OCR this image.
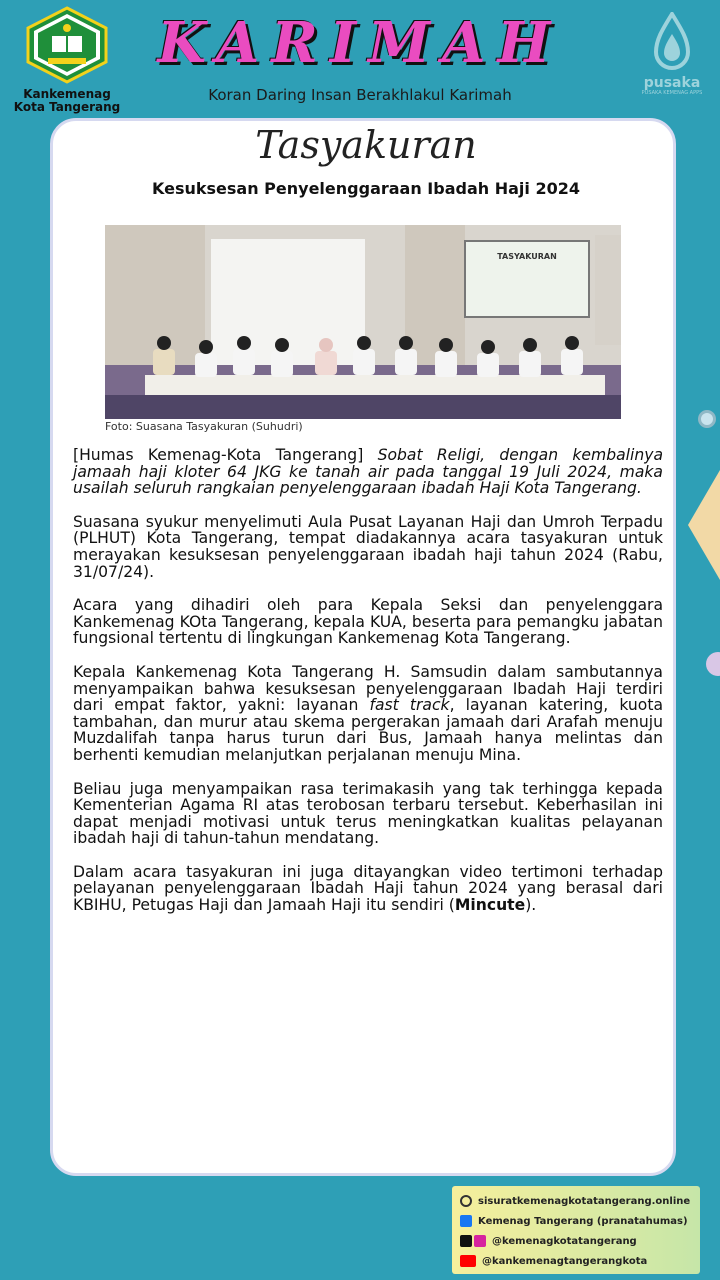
Kankemenag
Kota Tangerang
KARIMAH
Koran Daring Insan Berakhlakul Karimah
pusaka
PUSAKA KEMENAG APPS
Tasyakuran
Kesuksesan Penyelenggaraan Ibadah Haji 2024
TASYAKURAN
Foto: Suasana Tasyakuran (Suhudri)

[Humas Kemenag-Kota Tangerang] Sobat Religi, dengan kembalinya jamaah haji kloter 64 JKG ke tanah air pada tanggal 19 Juli 2024, maka usailah seluruh rangkaian penyelenggaraan ibadah Haji Kota Tangerang.

Suasana syukur menyelimuti Aula Pusat Layanan Haji dan Umroh Terpadu (PLHUT) Kota Tangerang, tempat diadakannya acara tasyakuran untuk merayakan kesuksesan penyelenggaraan ibadah haji tahun 2024 (Rabu, 31/07/24).

Acara yang dihadiri oleh para Kepala Seksi dan penyelenggara Kankemenag KOta Tangerang, kepala KUA, beserta para pemangku jabatan fungsional tertentu di lingkungan Kankemenag Kota Tangerang.

Kepala Kankemenag Kota Tangerang H. Samsudin dalam sambutannya menyampaikan bahwa kesuksesan penyelenggaraan Ibadah Haji terdiri dari empat faktor, yakni: layanan fast track, layanan katering, kuota tambahan, dan murur atau skema pergerakan jamaah dari Arafah menuju Muzdalifah tanpa harus turun dari Bus, Jamaah hanya melintas dan berhenti kemudian melanjutkan perjalanan menuju Mina.

Beliau juga menyampaikan rasa terimakasih yang tak terhingga kepada Kementerian Agama RI atas terobosan terbaru tersebut. Keberhasilan ini dapat menjadi motivasi untuk terus meningkatkan kualitas pelayanan ibadah haji di tahun-tahun mendatang.

Dalam acara tasyakuran ini juga ditayangkan video tertimoni terhadap pelayanan penyelenggaraan Ibadah Haji tahun 2024 yang berasal dari KBIHU, Petugas Haji dan Jamaah Haji itu sendiri (Mincute).

sisuratkemenagkotatangerang.online
Kemenag Tangerang (pranatahumas)
@kemenagkotatangerang
@kankemenagtangerangkota
